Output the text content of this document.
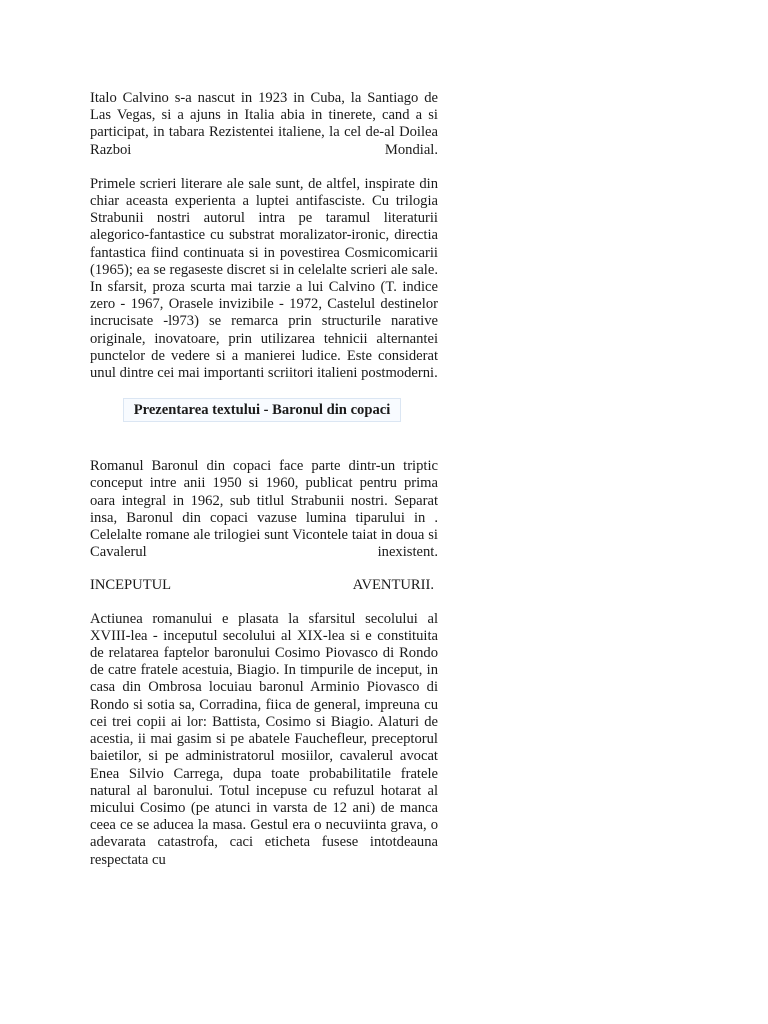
Italo Calvino s-a nascut in 1923 in Cuba, la Santiago de Las Vegas, si a ajuns in Italia abia in tinerete, cand a si participat, in tabara Rezistentei italiene, la cel de-al Doilea Razboi Mondial.

Primele scrieri literare ale sale sunt, de altfel, inspirate din chiar aceasta experienta a luptei antifasciste. Cu trilogia Strabunii nostri autorul intra pe taramul literaturii alegorico-fantastice cu substrat moralizator-ironic, directia fantastica fiind continuata si in povestirea Cosmicomicarii (1965); ea se regaseste discret si in celelalte scrieri ale sale. In sfarsit, proza scurta mai tarzie a lui Calvino (T. indice zero - 1967, Orasele invizibile - 1972, Castelul destinelor incrucisate -l973) se remarca prin structurile narative originale, inovatoare, prin utilizarea tehnicii alternantei punctelor de vedere si a manierei ludice. Este considerat unul dintre cei mai importanti scriitori italieni postmoderni.

Prezentarea textului - Baronul din copaci

Romanul Baronul din copaci face parte dintr-un triptic conceput intre anii 1950 si 1960, publicat pentru prima oara integral in 1962, sub titlul Strabunii nostri. Separat insa, Baronul din copaci vazuse lumina tiparului in . Celelalte romane ale trilogiei sunt Vicontele taiat in doua si Cavalerul inexistent.

INCEPUTUL AVENTURII.

Actiunea romanului e plasata la sfarsitul secolului al XVIII-lea - inceputul secolului al XIX-lea si e constituita de relatarea faptelor baronului Cosimo Piovasco di Rondo de catre fratele acestuia, Biagio. In timpurile de inceput, in casa din Ombrosa locuiau baronul Arminio Piovasco di Rondo si sotia sa, Corradina, fiica de general, impreuna cu cei trei copii ai lor: Battista, Cosimo si Biagio. Alaturi de acestia, ii mai gasim si pe abatele Fauchefleur, preceptorul baietilor, si pe administratorul mosiilor, cavalerul avocat Enea Silvio Carrega, dupa toate probabilitatile fratele natural al baronului. Totul incepuse cu refuzul hotarat al micului Cosimo (pe atunci in varsta de 12 ani) de manca ceea ce se aducea la masa. Gestul era o necuviinta grava, o adevarata catastrofa, caci eticheta fusese intotdeauna respectata cu
